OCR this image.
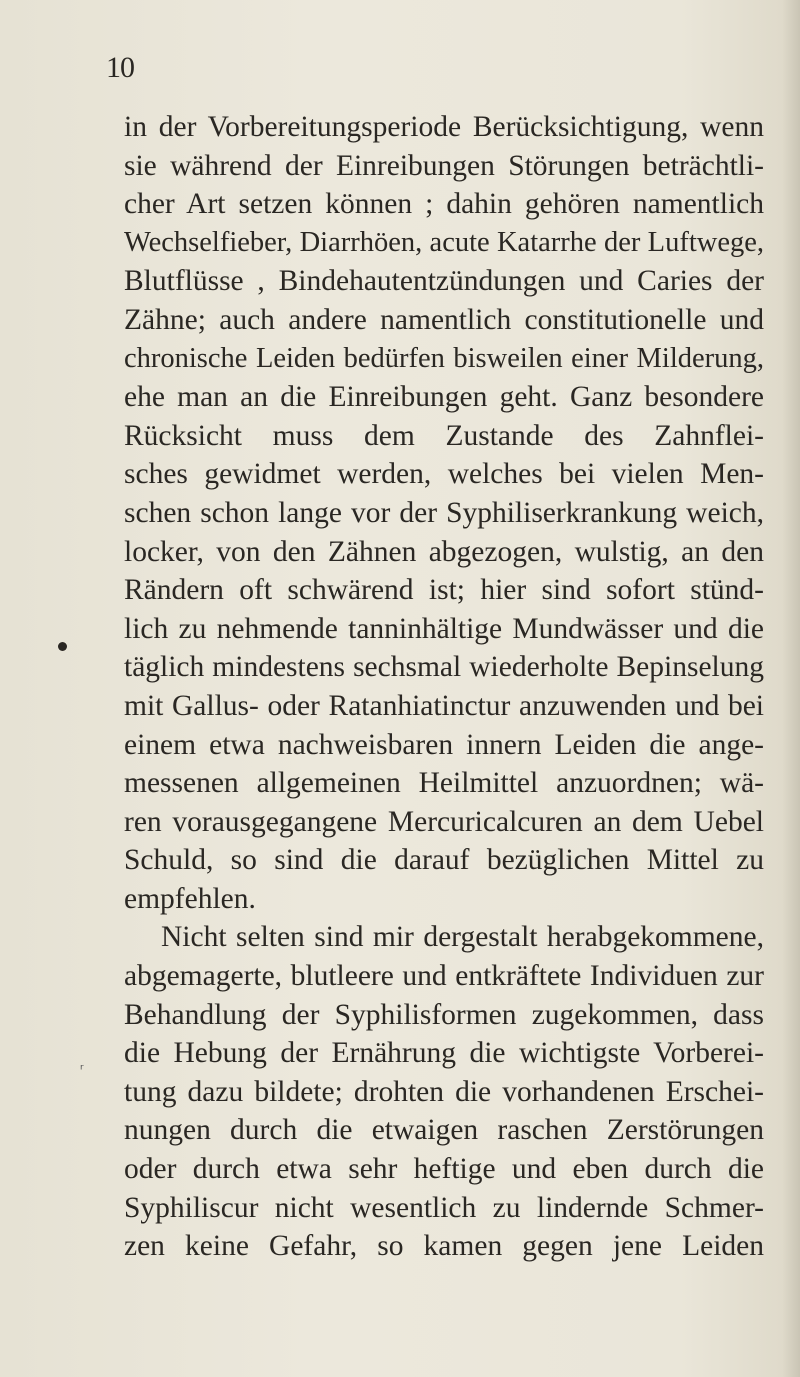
10
ʳ
in der Vorbereitungsperiode Berücksichtigung, wenn
sie während der Einreibungen Störungen beträchtli-
cher Art setzen können ; dahin gehören namentlich
Wechselfieber, Diarrhöen, acute Katarrhe der Luftwege,
Blutflüsse , Bindehautentzündungen und Caries der
Zähne; auch andere namentlich constitutionelle und
chronische Leiden bedürfen bisweilen einer Milderung,
ehe man an die Einreibungen geht. Ganz besondere
Rücksicht muss dem Zustande des Zahnflei-
sches gewidmet werden, welches bei vielen Men-
schen schon lange vor der Syphiliserkrankung weich,
locker, von den Zähnen abgezogen, wulstig, an den
Rändern oft schwärend ist; hier sind sofort stünd-
lich zu nehmende tanninhältige Mundwässer und die
täglich mindestens sechsmal wiederholte Bepinselung
mit Gallus- oder Ratanhiatinctur anzuwenden und bei
einem etwa nachweisbaren innern Leiden die ange-
messenen allgemeinen Heilmittel anzuordnen; wä-
ren vorausgegangene Mercuricalcuren an dem Uebel
Schuld, so sind die darauf bezüglichen Mittel zu
empfehlen.
Nicht selten sind mir dergestalt herabgekommene,
abgemagerte, blutleere und entkräftete Individuen zur
Behandlung der Syphilisformen zugekommen, dass
die Hebung der Ernährung die wichtigste Vorberei-
tung dazu bildete; drohten die vorhandenen Erschei-
nungen durch die etwaigen raschen Zerstörungen
oder durch etwa sehr heftige und eben durch die
Syphiliscur nicht wesentlich zu lindernde Schmer-
zen keine Gefahr, so kamen gegen jene Leiden
